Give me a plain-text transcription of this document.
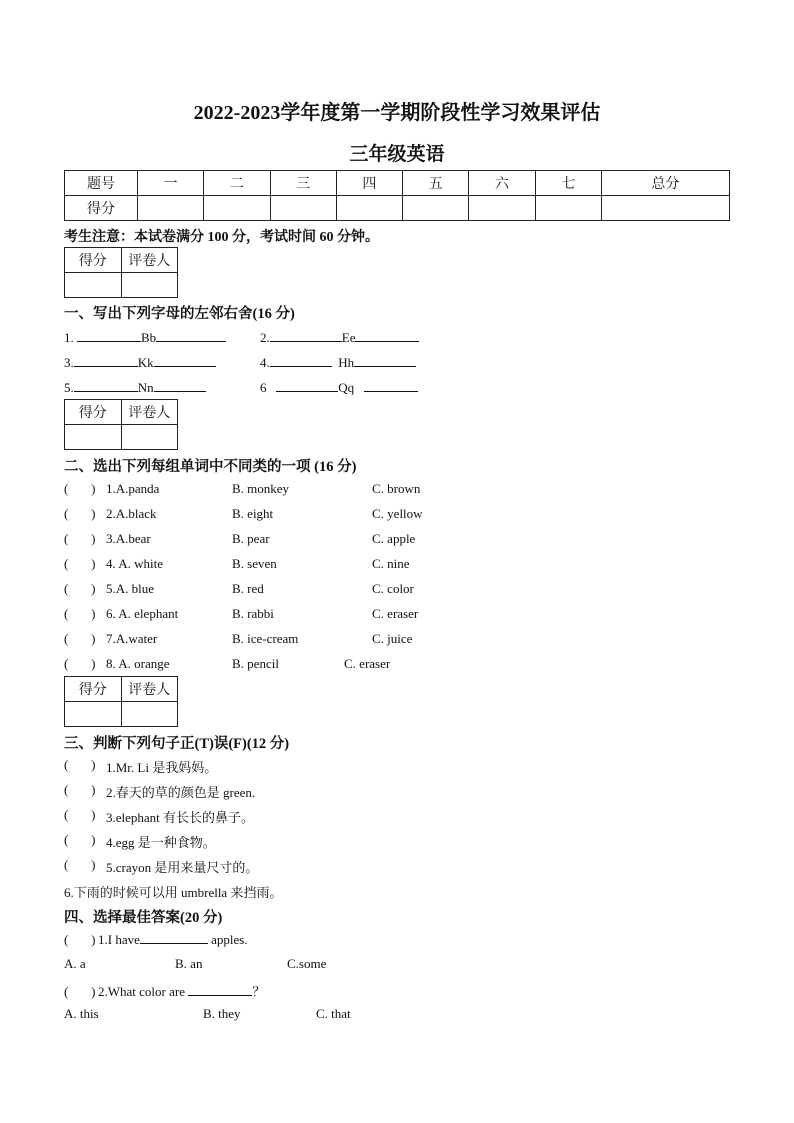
2022-2023学年度第一学期阶段性学习效果评估
三年级英语
题号	一	二	三	四	五	六	七	总分
得分								
考生注意：本试卷满分 100 分，考试时间 60 分钟。
得分	评卷人

一、写出下列字母的左邻右舍(16 分)
1.	Bb	2.	Ee
3.	Kk	4.	Hh
5.	Nn	6	Qq
得分	评卷人

二、选出下列每组单词中不同类的一项 (16 分)
(       ) 1.A.panda	B. monkey	C. brown
(       ) 2.A.black	B. eight	C. yellow
(       ) 3.A.bear	B. pear	C. apple
(       ) 4. A. white	B. seven	C. nine
(       ) 5.A. blue	B. red	C. color
(       ) 6. A. elephant	B. rabbi	C. eraser
(       ) 7.A.water	B. ice-cream	C. juice
(       ) 8. A. orange	B. pencil	C. eraser
得分	评卷人

三、判断下列句子正(T)误(F)(12 分)
(       ) 1.Mr. Li 是我妈妈。
(       ) 2.春天的草的颜色是 green.
(       ) 3.elephant 有长长的鼻子。
(       ) 4.egg 是一种食物。
(       ) 5.crayon 是用来量尺寸的。
6.下雨的时候可以用 umbrella 来挡雨。
四、选择最佳答案(20 分)
(       ) 1.I have	apples.
A. a	B. an	C.some
(       ) 2.What color are	？
A. this	B. they	C. that
